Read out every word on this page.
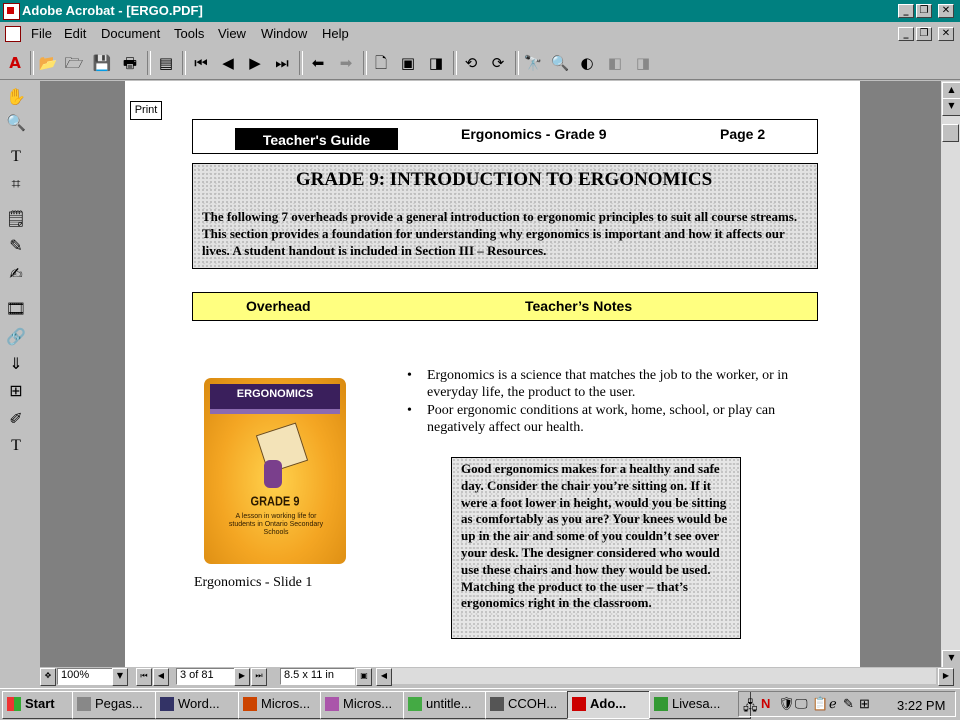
Adobe Acrobat - [ERGO.PDF]	_	❐	✕
File Edit Document Tools View Window Help	_	❐	✕
A	📂 🗁 💾 🖶 ▤ ⏮ ◀	▶ ⏭	⬅	➡	🗋 ▣ ◨	⟲ ⟳	🔭 🔍 ◐ ◧ ◨
✋
🔍
T
⌗
🗒
✎
✍
🎞
🔗
⇓
⊞
✐
T
Print
Teacher's Guide	Ergonomics - Grade 9	Page 2
GRADE 9: INTRODUCTION TO ERGONOMICS
The following 7 overheads provide a general introduction to ergonomic principles to suit all course streams. This section provides a foundation for understanding why ergonomics is important and how it affects our lives. A student handout is included in Section III – Resources.
Overhead	Teacher’s Notes
ERGONOMICS
GRADE 9
A lesson in working life for students in Ontario Secondary Schools
Ergonomics - Slide 1
• Ergonomics is a science that matches the job to the worker, or in everyday life, the product to the user.
• Poor ergonomic conditions at work, home, school, or play can negatively affect our health.
Good ergonomics makes for a healthy and safe day. Consider the chair you’re sitting on. If it were a foot lower in height, would you be sitting as comfortably as you are? Your knees would be up in the air and some of you couldn’t see over your desk. The designer considered who would use these chairs and how they would be used. Matching the product to the user – that’s ergonomics right in the classroom.
▲
▼
▼
✥ 100%	▼	⏮	◀	3 of 81	▶	⏭	8.5 x 11 in	▣	◀	▶
Start	Pegas...	Word...	Micros...	Micros...	untitle...	CCOH...	Ado...	Livesa...	🖧 N 🛡 🖵 📋 ℯ ✎ ⊞ 3:22 PM
